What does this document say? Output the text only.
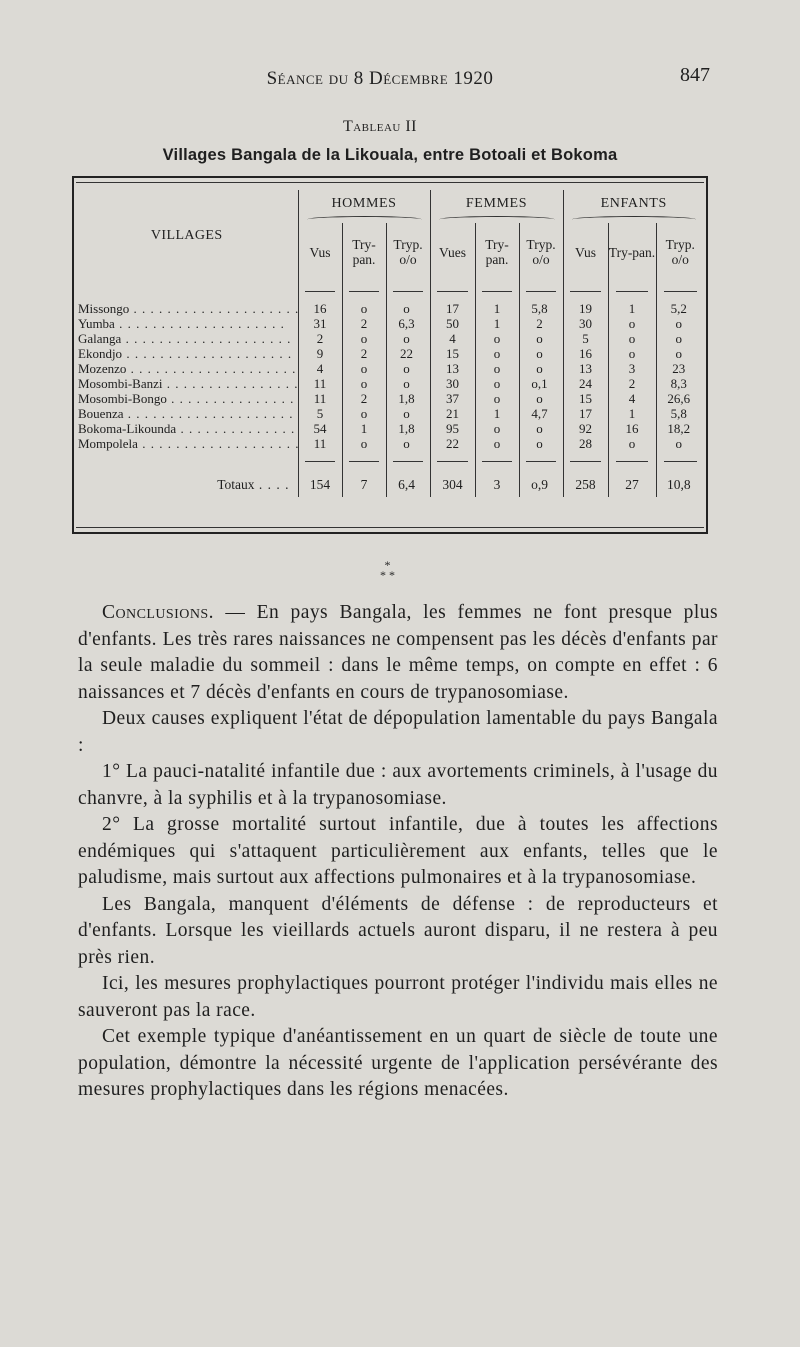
Séance du 8 Décembre 1920	847
Tableau II
Villages Bangala de la Likouala, entre Botoali et Bokoma
VILLAGES	HOMMES			FEMMES			ENFANTS		

	Vus	Try-pan.	Tryp. o/o	Vues	Try-pan.	Tryp. o/o	Vus	Try-pan.	Tryp. o/o

Missongo . . .	16	o	o	17	1	5,8	19	1	5,2
Yumba . . .	31	2	6,3	50	1	2	30	o	o
Galanga . . .	2	o	o	4	o	o	5	o	o
Ekondjo . . .	9	2	22	15	o	o	16	o	o
Mozenzo . . .	4	o	o	13	o	o	13	3	23
Mosombi-Banzi . . .	11	o	o	30	o	o,1	24	2	8,3
Mosombi-Bongo . . .	11	2	1,8	37	o	o	15	4	26,6
Bouenza . . .	5	o	o	21	1	4,7	17	1	5,8
Bokoma-Likounda . . .	54	1	1,8	95	o	o	92	16	18,2
Mompolela . . .	11	o	o	22	o	o	28	o	o

Totaux . . . .	154	7	6,4	304	3	o,9	258	27	10,8
*
* *

Conclusions. — En pays Bangala, les femmes ne font presque plus d'enfants. Les très rares naissances ne compensent pas les décès d'enfants par la seule maladie du sommeil : dans le même temps, on compte en effet : 6 naissances et 7 décès d'enfants en cours de trypanosomiase.

Deux causes expliquent l'état de dépopulation lamentable du pays Bangala :

1° La pauci-natalité infantile due : aux avortements criminels, à l'usage du chanvre, à la syphilis et à la trypanosomiase.

2° La grosse mortalité surtout infantile, due à toutes les affections endémiques qui s'attaquent particulièrement aux enfants, telles que le paludisme, mais surtout aux affections pulmonaires et à la trypanosomiase.

Les Bangala, manquent d'éléments de défense : de reproducteurs et d'enfants. Lorsque les vieillards actuels auront disparu, il ne restera à peu près rien.

Ici, les mesures prophylactiques pourront protéger l'individu mais elles ne sauveront pas la race.

Cet exemple typique d'anéantissement en un quart de siècle de toute une population, démontre la nécessité urgente de l'application persévérante des mesures prophylactiques dans les régions menacées.
